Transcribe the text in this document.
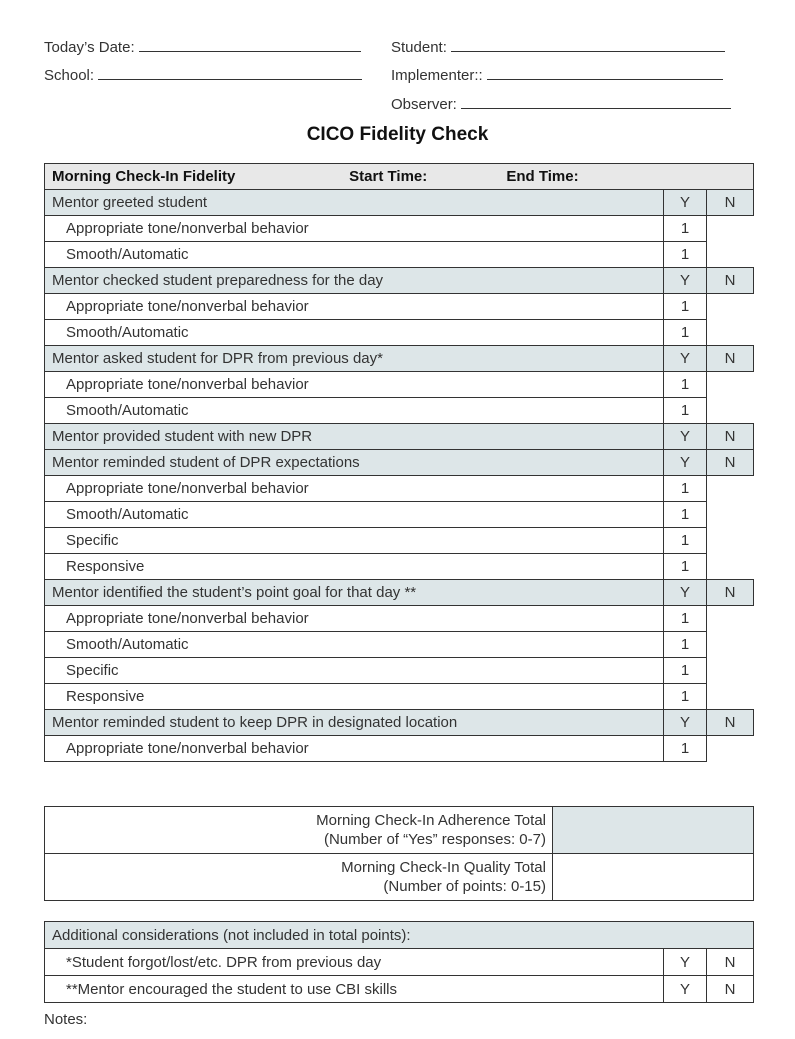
Today’s Date:
School:
Student:
Implementer::
Observer:
CICO Fidelity Check
Morning Check-In Fidelity Start Time: End Time:		
Mentor greeted student	Y	N
Appropriate tone/nonverbal behavior	1	
Smooth/Automatic	1	
Mentor checked student preparedness for the day	Y	N
Appropriate tone/nonverbal behavior	1	
Smooth/Automatic	1	
Mentor asked student for DPR from previous day*	Y	N
Appropriate tone/nonverbal behavior	1	
Smooth/Automatic	1	
Mentor provided student with new DPR	Y	N
Mentor reminded student of DPR expectations	Y	N
Appropriate tone/nonverbal behavior	1	
Smooth/Automatic	1	
Specific	1	
Responsive	1	
Mentor identified the student’s point goal for that day **	Y	N
Appropriate tone/nonverbal behavior	1	
Smooth/Automatic	1	
Specific	1	
Responsive	1	
Mentor reminded student to keep DPR in designated location	Y	N
Appropriate tone/nonverbal behavior	1	
Morning Check-In Adherence Total
(Number of “Yes” responses: 0-7)	

Morning Check-In Quality Total
(Number of points: 0-15)	

Additional considerations (not included in total points):		
*Student forgot/lost/etc. DPR from previous day	Y	N
**Mentor encouraged the student to use CBI skills	Y	N
Notes:
